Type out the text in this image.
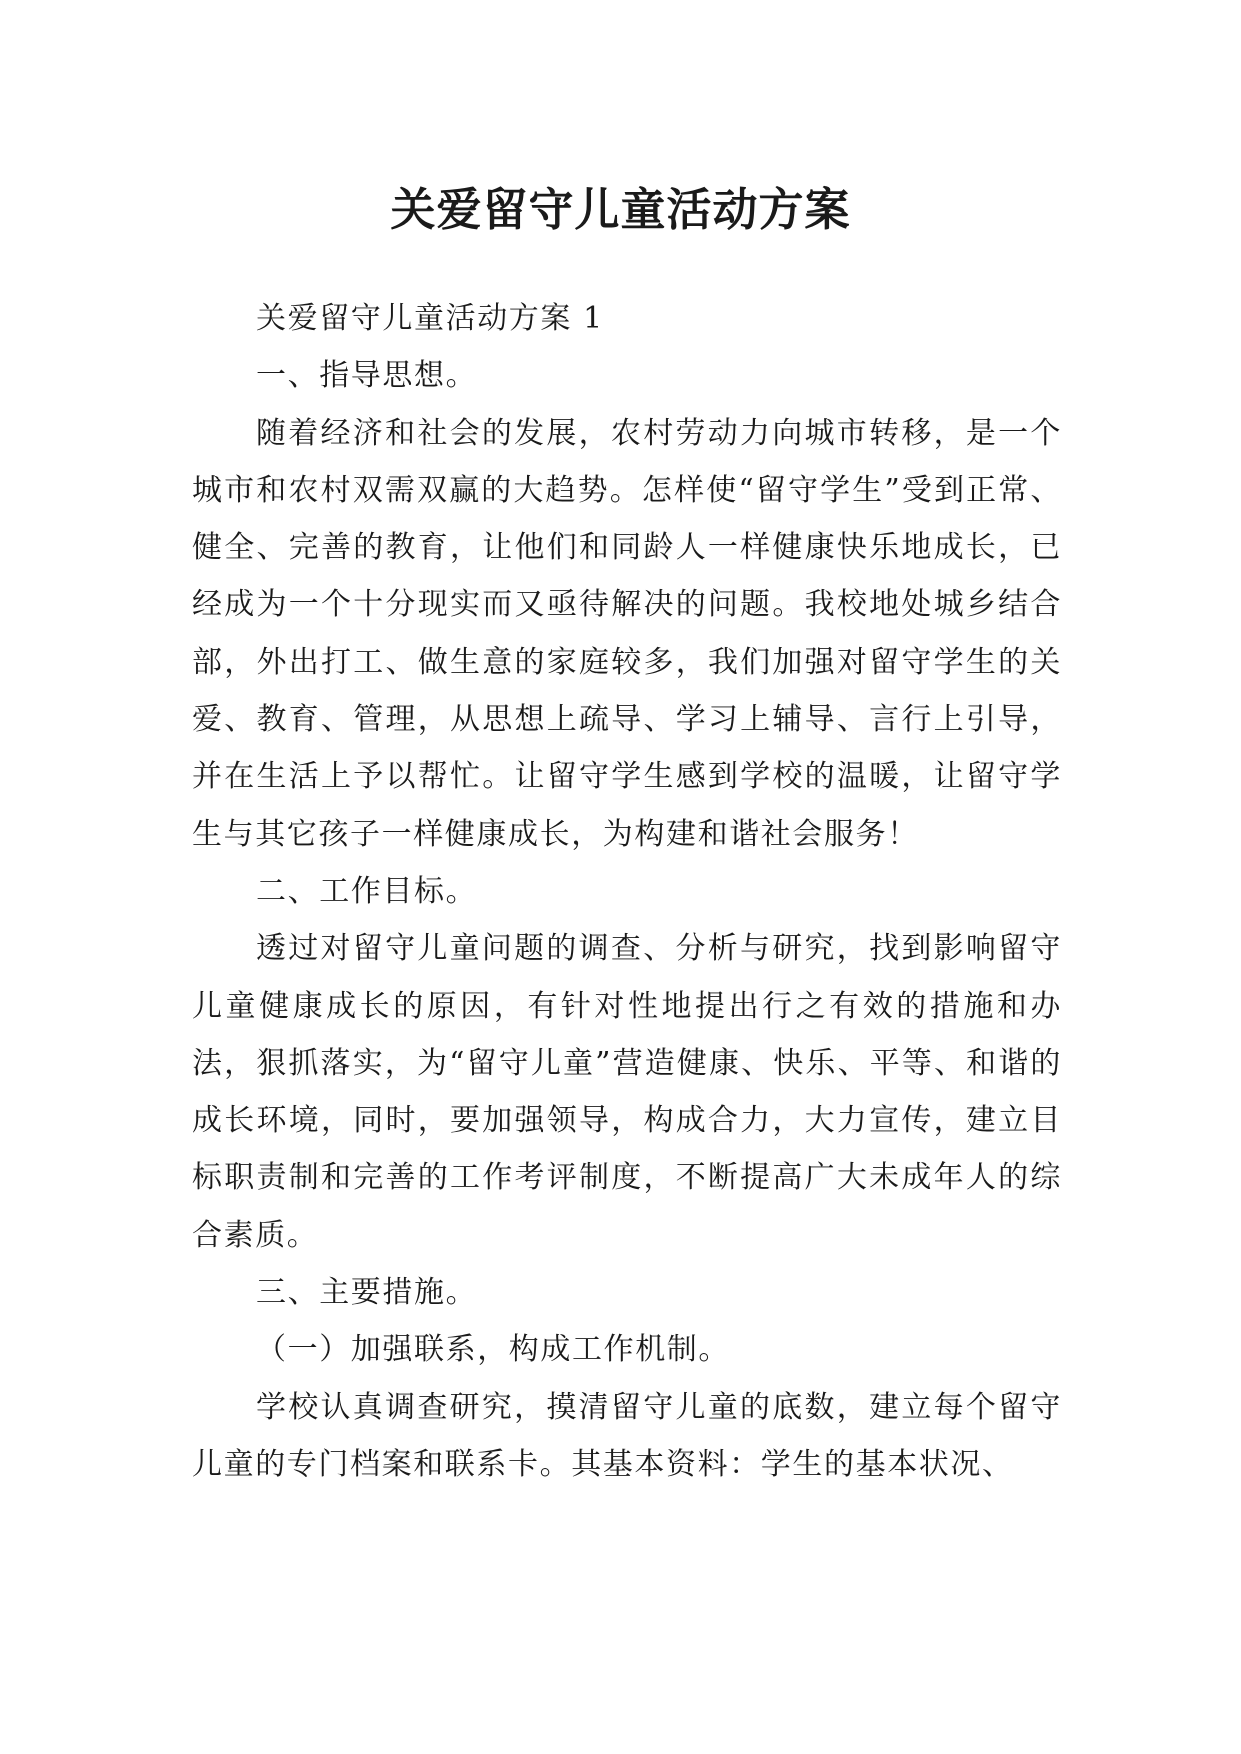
关爱留守儿童活动方案

关爱留守儿童活动方案 1

一、指导思想。

随着经济和社会的发展，农村劳动力向城市转移，是一个城市和农村双需双赢的大趋势。怎样使“留守学生”受到正常、健全、完善的教育，让他们和同龄人一样健康快乐地成长，已经成为一个十分现实而又亟待解决的问题。我校地处城乡结合部，外出打工、做生意的家庭较多，我们加强对留守学生的关爱、教育、管理，从思想上疏导、学习上辅导、言行上引导，并在生活上予以帮忙。让留守学生感到学校的温暖，让留守学生与其它孩子一样健康成长，为构建和谐社会服务！

二、工作目标。

透过对留守儿童问题的调查、分析与研究，找到影响留守儿童健康成长的原因，有针对性地提出行之有效的措施和办法，狠抓落实，为“留守儿童”营造健康、快乐、平等、和谐的成长环境，同时，要加强领导，构成合力，大力宣传，建立目标职责制和完善的工作考评制度，不断提高广大未成年人的综合素质。

三、主要措施。

（一）加强联系，构成工作机制。

学校认真调查研究，摸清留守儿童的底数，建立每个留守儿童的专门档案和联系卡。其基本资料：学生的基本状况、
